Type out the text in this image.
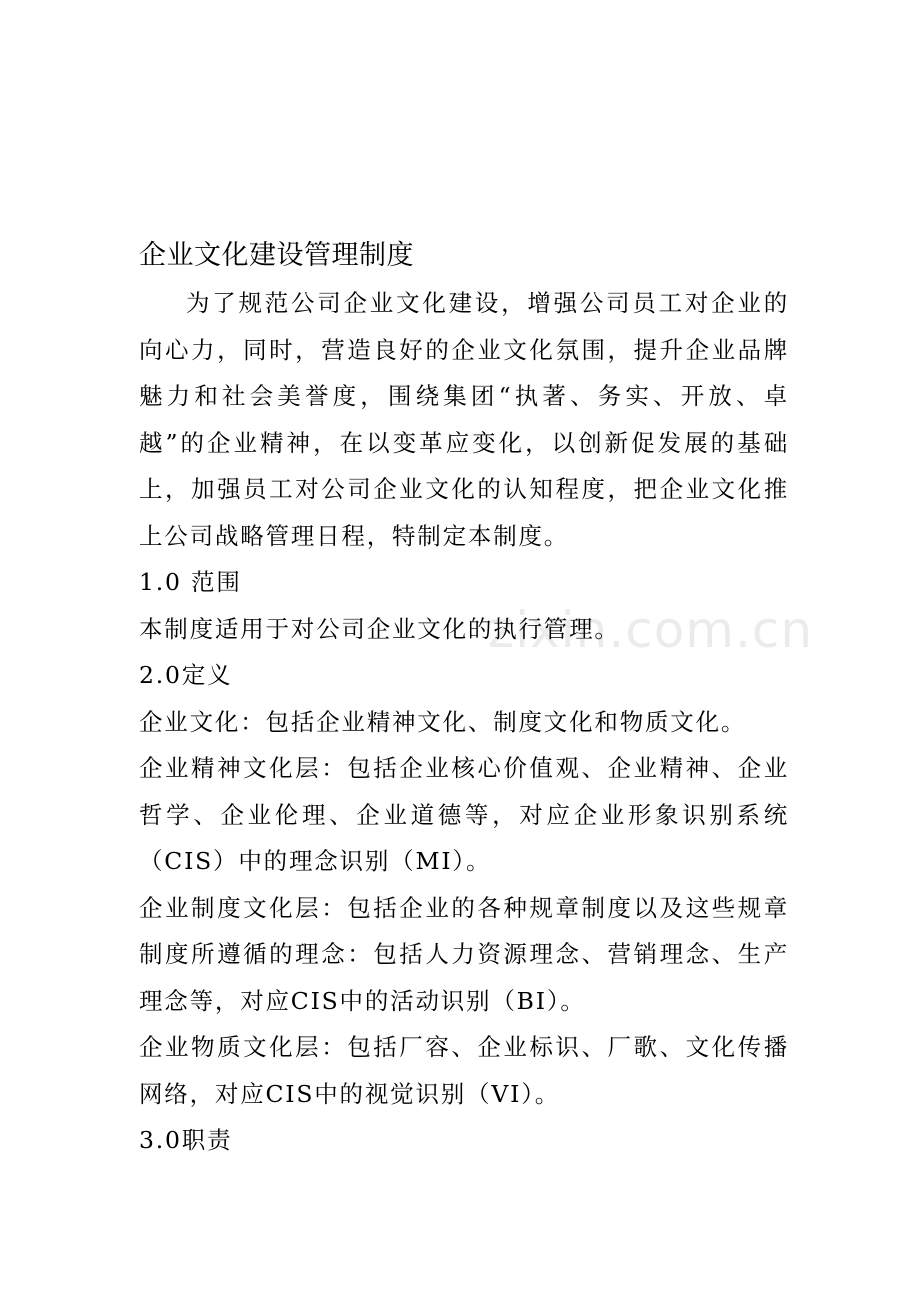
企业文化建设管理制度

为了规范公司企业文化建设，增强公司员工对企业的向心力，同时，营造良好的企业文化氛围，提升企业品牌魅力和社会美誉度，围绕集团“执著、务实、开放、卓越”的企业精神，在以变革应变化，以创新促发展的基础上，加强员工对公司企业文化的认知程度，把企业文化推上公司战略管理日程，特制定本制度。

1.0 范围

本制度适用于对公司企业文化的执行管理。

2.0定义

企业文化：包括企业精神文化、制度文化和物质文化。

企业精神文化层：包括企业核心价值观、企业精神、企业哲学、企业伦理、企业道德等，对应企业形象识别系统（CIS）中的理念识别（MI）。

企业制度文化层：包括企业的各种规章制度以及这些规章制度所遵循的理念：包括人力资源理念、营销理念、生产理念等，对应CIS中的活动识别（BI）。

企业物质文化层：包括厂容、企业标识、厂歌、文化传播网络，对应CIS中的视觉识别（VI）。

3.0职责

zixin.com.cn
